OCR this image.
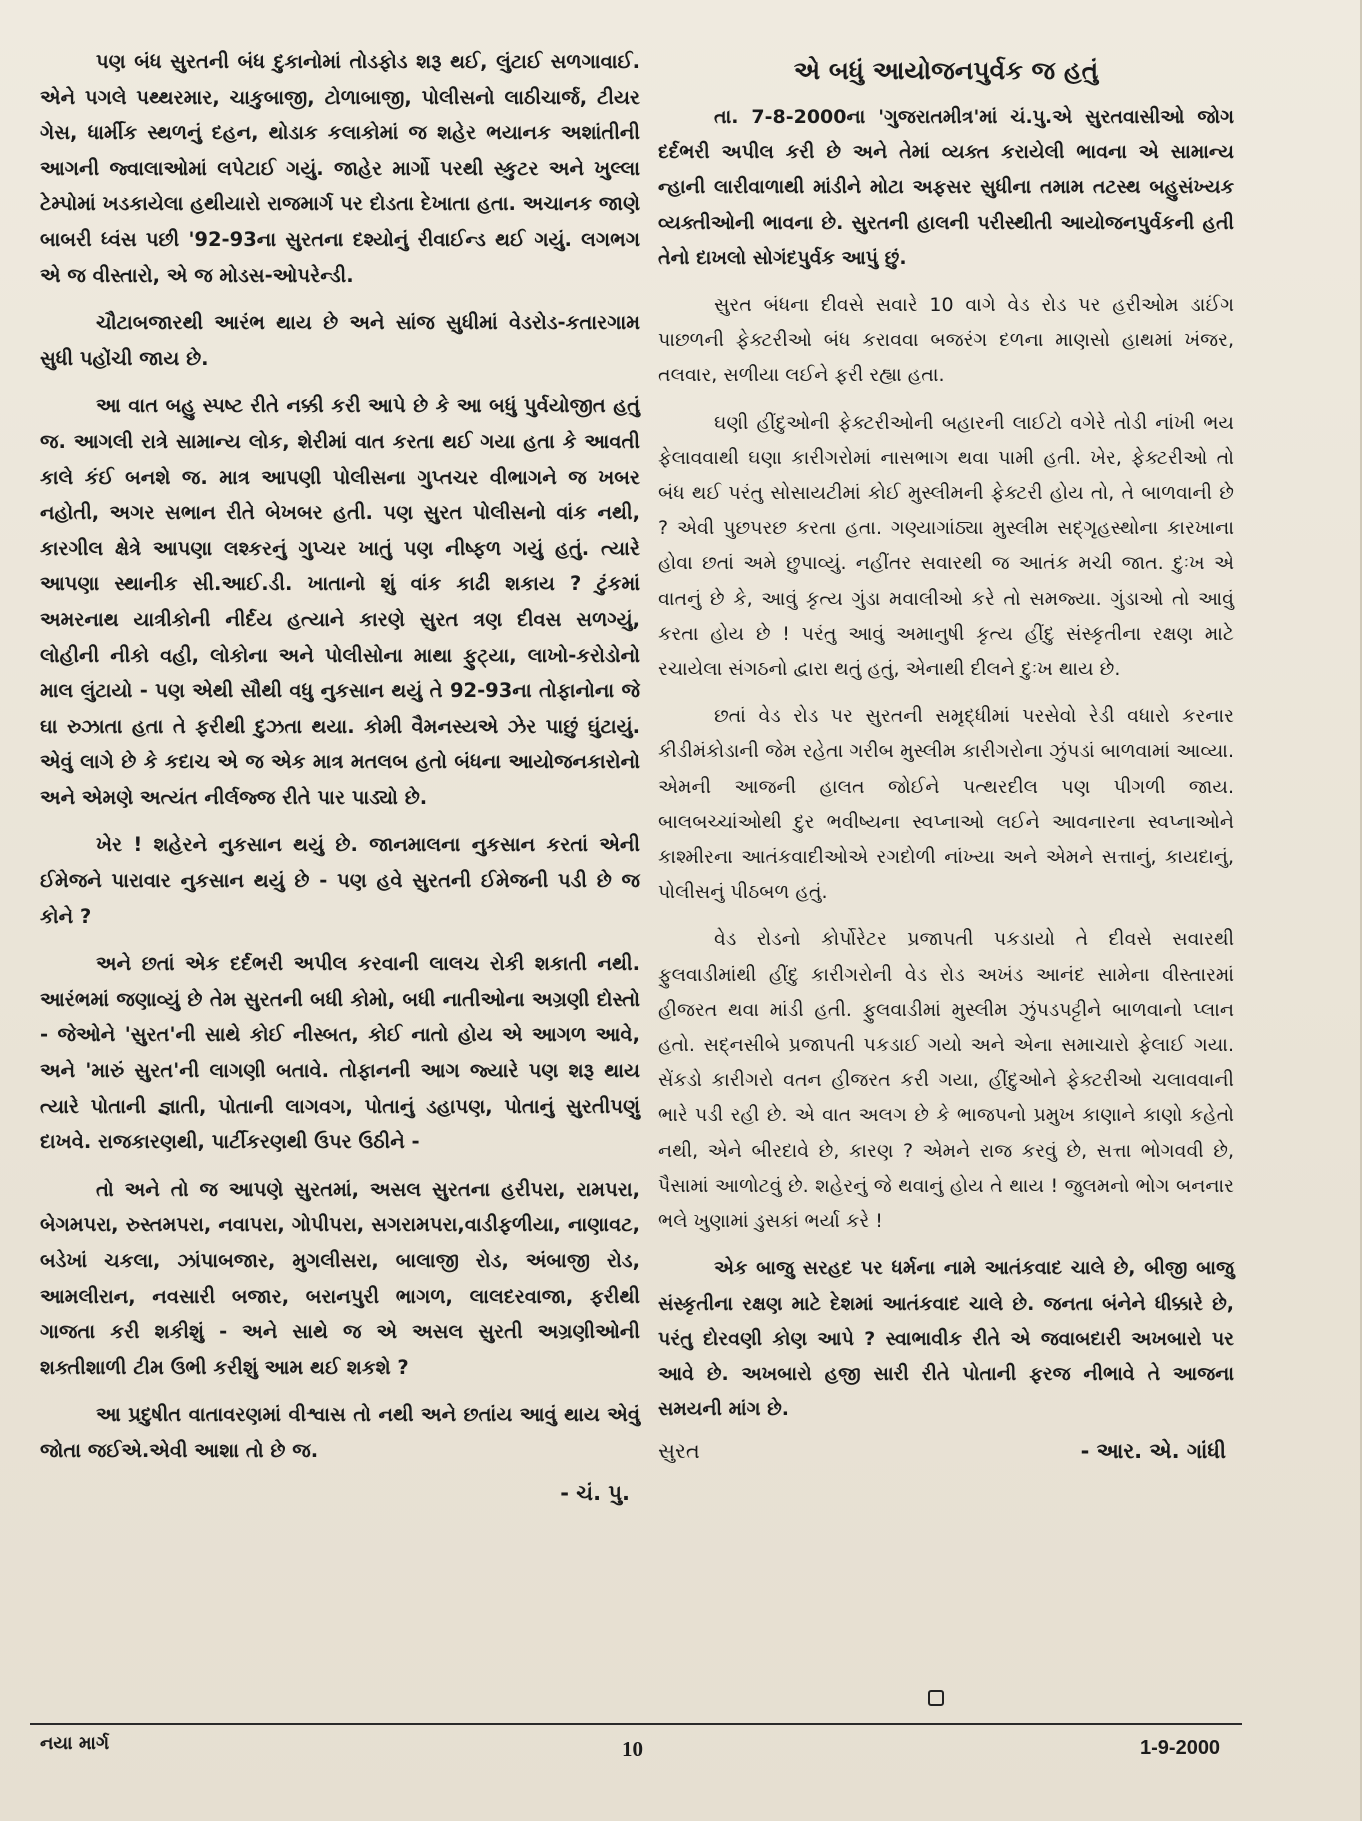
પણ બંધ સુરતની બંધ દુકાનોમાં તોડફોડ શરૂ થઈ, લુંટાઈ સળગાવાઈ. એને પગલે પથ્થરમાર, ચાકુબાજી, ટોળાબાજી, પોલીસનો લાઠીચાર્જ, ટીયર ગેસ, ધાર્મીક સ્થળનું દહન, થોડાક કલાકોમાં જ શહેર ભયાનક અશાંતીની આગની જ્વાલાઓમાં લપેટાઈ ગયું. જાહેર માર્ગો પરથી સ્કુટર અને ખુલ્લા ટેમ્પોમાં ખડકાયેલા હથીયારો રાજમાર્ગ પર દોડતા દેખાતા હતા. અચાનક જાણે બાબરી ધ્વંસ પછી '92-93ના સુરતના દશ્યોનું રીવાઈન્ડ થઈ ગયું. લગભગ એ જ વીસ્તારો, એ જ મોડસ-ઓપરેન્ડી.

ચૌટાબજારથી આરંભ થાય છે અને સાંજ સુધીમાં વેડરોડ-કતારગામ સુધી પહોંચી જાય છે.

આ વાત બહુ સ્પષ્ટ રીતે નક્કી કરી આપે છે કે આ બધું પુર્વયોજીત હતું જ. આગલી રાત્રે સામાન્ય લોક, શેરીમાં વાત કરતા થઈ ગયા હતા કે આવતી કાલે કંઈ બનશે જ. માત્ર આપણી પોલીસના ગુપ્તચર વીભાગને જ ખબર નહોતી, અગર સભાન રીતે બેખબર હતી. પણ સુરત પોલીસનો વાંક નથી, કારગીલ ક્ષેત્રે આપણા લશ્કરનું ગુપ્ચર ખાતું પણ નીષ્ફળ ગયું હતું. ત્યારે આપણા સ્થાનીક સી.આઈ.ડી. ખાતાનો શું વાંક કાઢી શકાય ? ટુંકમાં અમરનાથ યાત્રીકોની નીર્દય હત્યાને કારણે સુરત ત્રણ દીવસ સળગ્યું, લોહીની નીકો વહી, લોકોના અને પોલીસોના માથા ફુટ્યા, લાખો-કરોડોનો માલ લુંટાયો - પણ એથી સૌથી વધુ નુકસાન થયું તે 92-93ના તોફાનોના જે ઘા રુઝાતા હતા તે ફરીથી દુઝતા થયા. કોમી વૈમનસ્યએ ઝેર પાછું ઘુંટાયું. એવું લાગે છે કે કદાચ એ જ એક માત્ર મતલબ હતો બંધના આયોજનકારોનો અને એમણે અત્યંત નીર્લજ્જ રીતે પાર પાડ્યો છે.

ખેર ! શહેરને નુકસાન થયું છે. જાનમાલના નુકસાન કરતાં એની ઈમેજને પારાવાર નુકસાન થયું છે - પણ હવે સુરતની ઈમેજની પડી છે જ કોને ?

અને છતાં એક દર્દભરી અપીલ કરવાની લાલચ રોકી શકાતી નથી. આરંભમાં જણાવ્યું છે તેમ સુરતની બધી કોમો, બધી નાતીઓના અગ્રણી દોસ્તો - જેઓને 'સુરત'ની સાથે કોઈ નીસ્બત, કોઈ નાતો હોય એ આગળ આવે, અને 'મારું સુરત'ની લાગણી બતાવે. તોફાનની આગ જ્યારે પણ શરૂ થાય ત્યારે પોતાની જ્ઞાતી, પોતાની લાગવગ, પોતાનું ડહાપણ, પોતાનું સુરતીપણું દાખવે. રાજકારણથી, પાર્ટીકરણથી ઉપર ઉઠીને -

તો અને તો જ આપણે સુરતમાં, અસલ સુરતના હરીપરા, રામપરા, બેગમપરા, રુસ્તમપરા, નવાપરા, ગોપીપરા, સગરામપરા,વાડીફળીયા, નાણાવટ, બડેખાં ચકલા, ઝાંપાબજાર, મુગલીસરા, બાલાજી રોડ, અંબાજી રોડ, આમલીરાન, નવસારી બજાર, બરાનપુરી ભાગળ, લાલદરવાજા, ફરીથી ગાજતા કરી શકીશું - અને સાથે જ એ અસલ સુરતી અગ્રણીઓની શક્તીશાળી ટીમ ઉભી કરીશું આમ થઈ શકશે ?

આ પ્રદુષીત વાતાવરણમાં વીશ્વાસ તો નથી અને છતાંય આવું થાય એવું જોતા જઈએ.એવી આશા તો છે જ.

- ચં. પુ.
એ બધું આયોજનપુર્વક જ હતું

તા. 7-8-2000ના 'ગુજરાતમીત્ર'માં ચં.પુ.એ સુરતવાસીઓ જોગ દર્દભરી અપીલ કરી છે અને તેમાં વ્યક્ત કરાયેલી ભાવના એ સામાન્ય ન્હાની લારીવાળાથી માંડીને મોટા અફસર સુધીના તમામ તટસ્થ બહુસંખ્યક વ્યક્તીઓની ભાવના છે. સુરતની હાલની પરીસ્થીતી આયોજનપુર્વકની હતી તેનો દાખલો સોગંદપુર્વક આપું છું.

સુરત બંધના દીવસે સવારે 10 વાગે વેડ રોડ પર હરીઓમ ડાઈંગ પાછળની ફેક્ટરીઓ બંધ કરાવવા બજરંગ દળના માણસો હાથમાં ખંજર, તલવાર, સળીયા લઈને ફરી રહ્યા હતા.

ઘણી હીંદુઓની ફેક્ટરીઓની બહારની લાઈટો વગેરે તોડી નાંખી ભય ફેલાવવાથી ઘણા કારીગરોમાં નાસભાગ થવા પામી હતી. ખેર, ફેક્ટરીઓ તો બંધ થઈ પરંતુ સોસાયટીમાં કોઈ મુસ્લીમની ફેક્ટરી હોય તો, તે બાળવાની છે ? એવી પુછપરછ કરતા હતા. ગણ્યાગાંઠ્યા મુસ્લીમ સદ્ગૃહસ્થોના કારખાના હોવા છતાં અમે છુપાવ્યું. નહીંતર સવારથી જ આતંક મચી જાત. દુઃખ એ વાતનું છે કે, આવું કૃત્ય ગુંડા મવાલીઓ કરે તો સમજ્યા. ગુંડાઓ તો આવું કરતા હોય છે ! પરંતુ આવું અમાનુષી કૃત્ય હીંદુ સંસ્કૃતીના રક્ષણ માટે રચાયેલા સંગઠનો દ્વારા થતું હતું, એનાથી દીલને દુઃખ થાય છે.

છતાં વેડ રોડ પર સુરતની સમૃદ્ધીમાં પરસેવો રેડી વધારો કરનાર કીડીમંકોડાની જેમ રહેતા ગરીબ મુસ્લીમ કારીગરોના ઝુંપડાં બાળવામાં આવ્યા. એમની આજની હાલત જોઈને પત્થરદીલ પણ પીગળી જાય. બાલબચ્ચાંઓથી દુર ભવીષ્યના સ્વપ્નાઓ લઈને આવનારના સ્વપ્નાઓને કાશ્મીરના આતંકવાદીઓએ રગદોળી નાંખ્યા અને એમને સત્તાનું, કાયદાનું, પોલીસનું પીઠબળ હતું.

વેડ રોડનો કોર્પોરેટર પ્રજાપતી પકડાયો તે દીવસે સવારથી ફુલવાડીમાંથી હીંદુ કારીગરોની વેડ રોડ અખંડ આનંદ સામેના વીસ્તારમાં હીજરત થવા માંડી હતી. ફુલવાડીમાં મુસ્લીમ ઝુંપડપટ્ટીને બાળવાનો પ્લાન હતો. સદ્નસીબે પ્રજાપતી પકડાઈ ગયો અને એના સમાચારો ફેલાઈ ગયા. સેંકડો કારીગરો વતન હીજરત કરી ગયા, હીંદુઓને ફેક્ટરીઓ ચલાવવાની ભારે પડી રહી છે. એ વાત અલગ છે કે ભાજપનો પ્રમુખ કાણાને કાણો કહેતો નથી, એને બીરદાવે છે, કારણ ? એમને રાજ કરવું છે, સત્તા ભોગવવી છે, પૈસામાં આળોટવું છે. શહેરનું જે થવાનું હોય તે થાય ! જુલમનો ભોગ બનનાર ભલે ખુણામાં ડુસકાં ભર્યા કરે !

એક બાજુ સરહદ પર ધર્મના નામે આતંકવાદ ચાલે છે, બીજી બાજુ સંસ્કૃતીના રક્ષણ માટે દેશમાં આતંકવાદ ચાલે છે. જનતા બંનેને ધીક્કારે છે, પરંતુ દોરવણી કોણ આપે ? સ્વાભાવીક રીતે એ જવાબદારી અખબારો પર આવે છે. અખબારો હજી સારી રીતે પોતાની ફરજ નીભાવે તે આજના સમયની માંગ છે.

સુરત	- આર. એ. ગાંધી
નયા માર્ગ	10	1-9-2000
